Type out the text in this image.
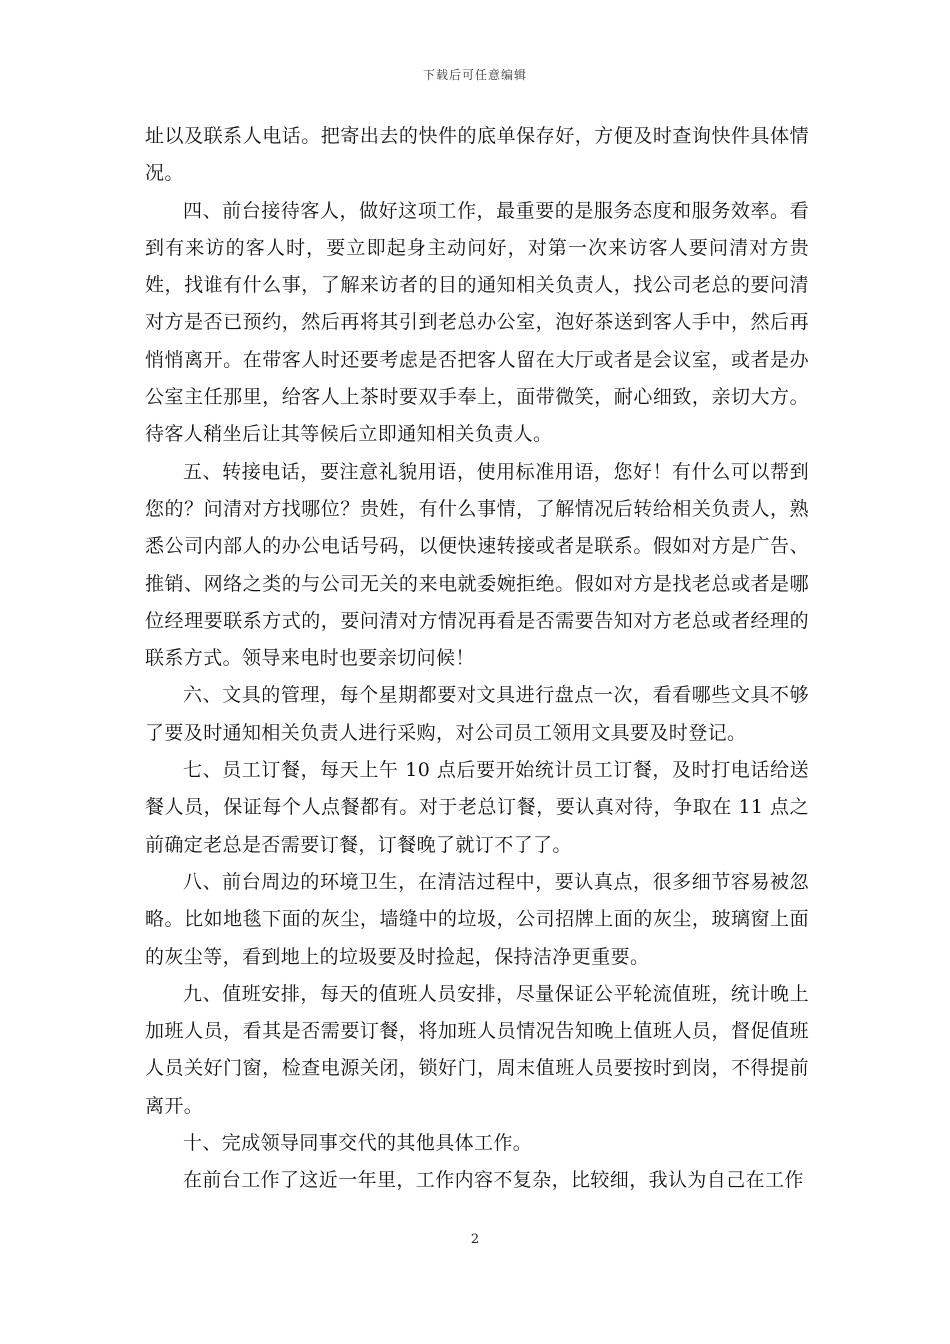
下载后可任意编辑

址以及联系人电话。把寄出去的快件的底单保存好，方便及时查询快件具体情况。

四、前台接待客人，做好这项工作，最重要的是服务态度和服务效率。看到有来访的客人时，要立即起身主动问好，对第一次来访客人要问清对方贵姓，找谁有什么事，了解来访者的目的通知相关负责人，找公司老总的要问清对方是否已预约，然后再将其引到老总办公室，泡好茶送到客人手中，然后再悄悄离开。在带客人时还要考虑是否把客人留在大厅或者是会议室，或者是办公室主任那里，给客人上茶时要双手奉上，面带微笑，耐心细致，亲切大方。待客人稍坐后让其等候后立即通知相关负责人。

五、转接电话，要注意礼貌用语，使用标准用语，您好！有什么可以帮到您的？问清对方找哪位？贵姓，有什么事情，了解情况后转给相关负责人，熟悉公司内部人的办公电话号码，以便快速转接或者是联系。假如对方是广告、推销、网络之类的与公司无关的来电就委婉拒绝。假如对方是找老总或者是哪位经理要联系方式的，要问清对方情况再看是否需要告知对方老总或者经理的联系方式。领导来电时也要亲切问候！

六、文具的管理，每个星期都要对文具进行盘点一次，看看哪些文具不够了要及时通知相关负责人进行采购，对公司员工领用文具要及时登记。

七、员工订餐，每天上午 10 点后要开始统计员工订餐，及时打电话给送餐人员，保证每个人点餐都有。对于老总订餐，要认真对待，争取在 11 点之前确定老总是否需要订餐，订餐晚了就订不了了。

八、前台周边的环境卫生，在清洁过程中，要认真点，很多细节容易被忽略。比如地毯下面的灰尘，墙缝中的垃圾，公司招牌上面的灰尘，玻璃窗上面的灰尘等，看到地上的垃圾要及时捡起，保持洁净更重要。

九、值班安排，每天的值班人员安排，尽量保证公平轮流值班，统计晚上加班人员，看其是否需要订餐，将加班人员情况告知晚上值班人员，督促值班人员关好门窗，检查电源关闭，锁好门，周末值班人员要按时到岗，不得提前离开。

十、完成领导同事交代的其他具体工作。

在前台工作了这近一年里，工作内容不复杂，比较细，我认为自己在工作

2
